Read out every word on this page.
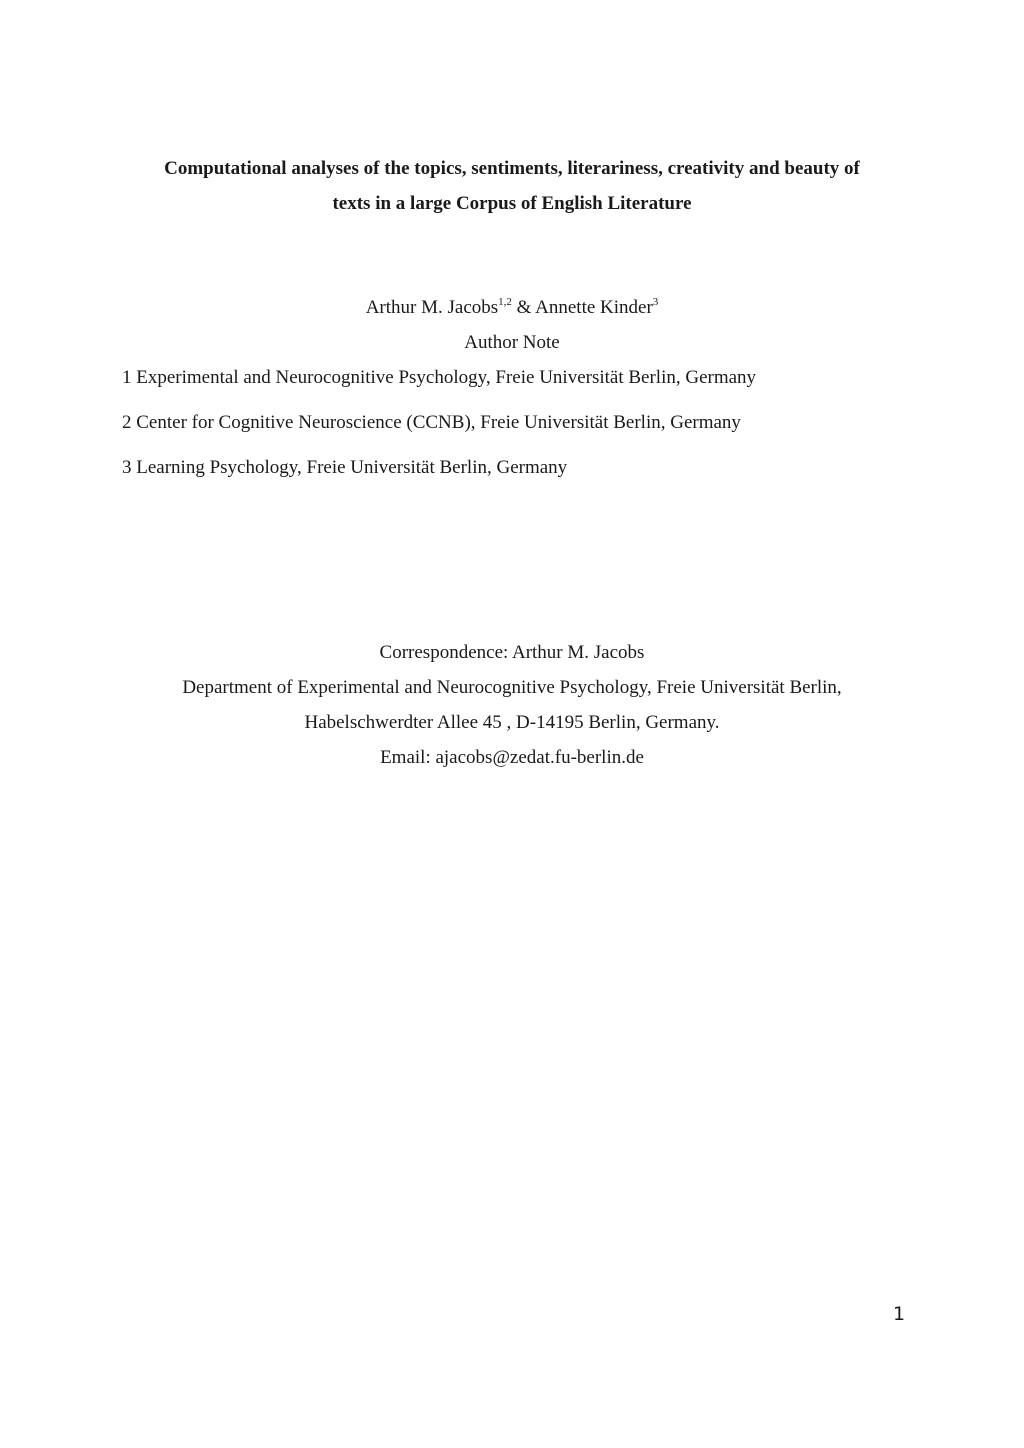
Computational analyses of the topics, sentiments, literariness, creativity and beauty of
texts in a large Corpus of English Literature
Arthur M. Jacobs$^{1,2}$ & Annette Kinder$^3$
Author Note
1 Experimental and Neurocognitive Psychology, Freie Universität Berlin, Germany
2 Center for Cognitive Neuroscience (CCNB), Freie Universität Berlin, Germany
3 Learning Psychology, Freie Universität Berlin, Germany
Correspondence: Arthur M. Jacobs
Department of Experimental and Neurocognitive Psychology, Freie Universität Berlin,
Habelschwerdter Allee 45 , D-14195 Berlin, Germany.
Email: ajacobs@zedat.fu-berlin.de
1
